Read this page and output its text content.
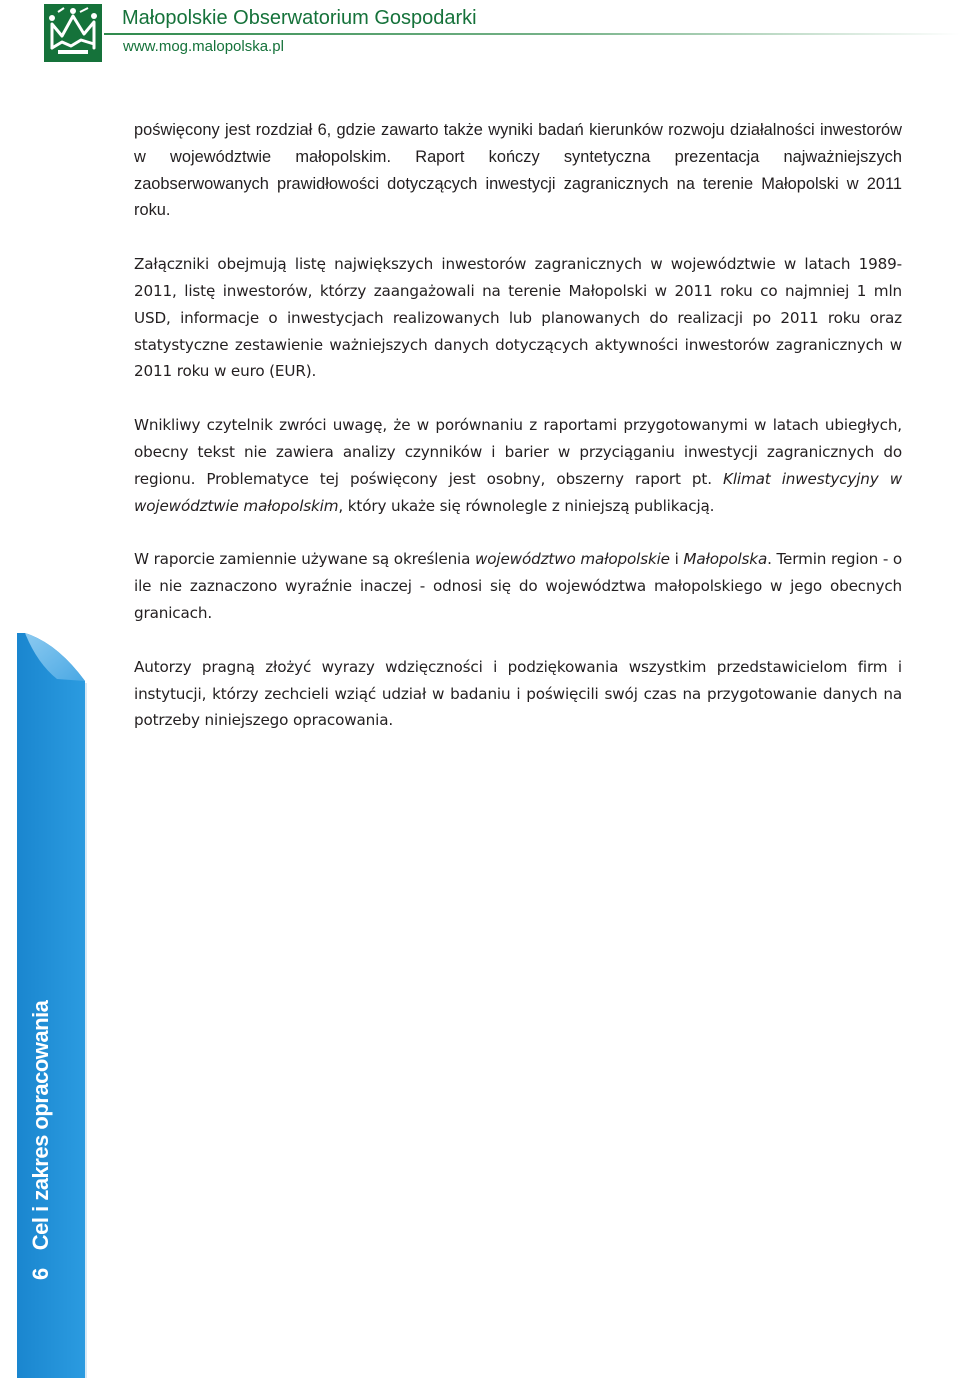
Małopolskie Obserwatorium Gospodarki
www.mog.malopolska.pl

poświęcony jest rozdział 6, gdzie zawarto także wyniki badań kierunków rozwoju działalności inwestorów w województwie małopolskim. Raport kończy syntetyczna prezentacja najważniejszych zaobserwowanych prawidłowości dotyczących inwestycji zagranicznych na terenie Małopolski w 2011 roku.

Załączniki obejmują listę największych inwestorów zagranicznych w województwie w latach 1989-2011, listę inwestorów, którzy zaangażowali na terenie Małopolski w 2011 roku co najmniej 1 mln USD, informacje o inwestycjach realizowanych lub planowanych do realizacji po 2011 roku oraz statystyczne zestawienie ważniejszych danych dotyczących aktywności inwestorów zagranicznych w 2011 roku w euro (EUR).

Wnikliwy czytelnik zwróci uwagę, że w porównaniu z raportami przygotowanymi w latach ubiegłych, obecny tekst nie zawiera analizy czynników i barier w przyciąganiu inwestycji zagranicznych do regionu. Problematyce tej poświęcony jest osobny, obszerny raport pt. Klimat inwestycyjny w województwie małopolskim, który ukaże się równolegle z niniejszą publikacją.

W raporcie zamiennie używane są określenia województwo małopolskie i Małopolska. Termin region - o ile nie zaznaczono wyraźnie inaczej - odnosi się do województwa małopolskiego w jego obecnych granicach.

Autorzy pragną złożyć wyrazy wdzięczności i podziękowania wszystkim przedstawicielom firm i instytucji, którzy zechcieli wziąć udział w badaniu i poświęcili swój czas na przygotowanie danych na potrzeby niniejszego opracowania.

6Cel i zakres opracowania
